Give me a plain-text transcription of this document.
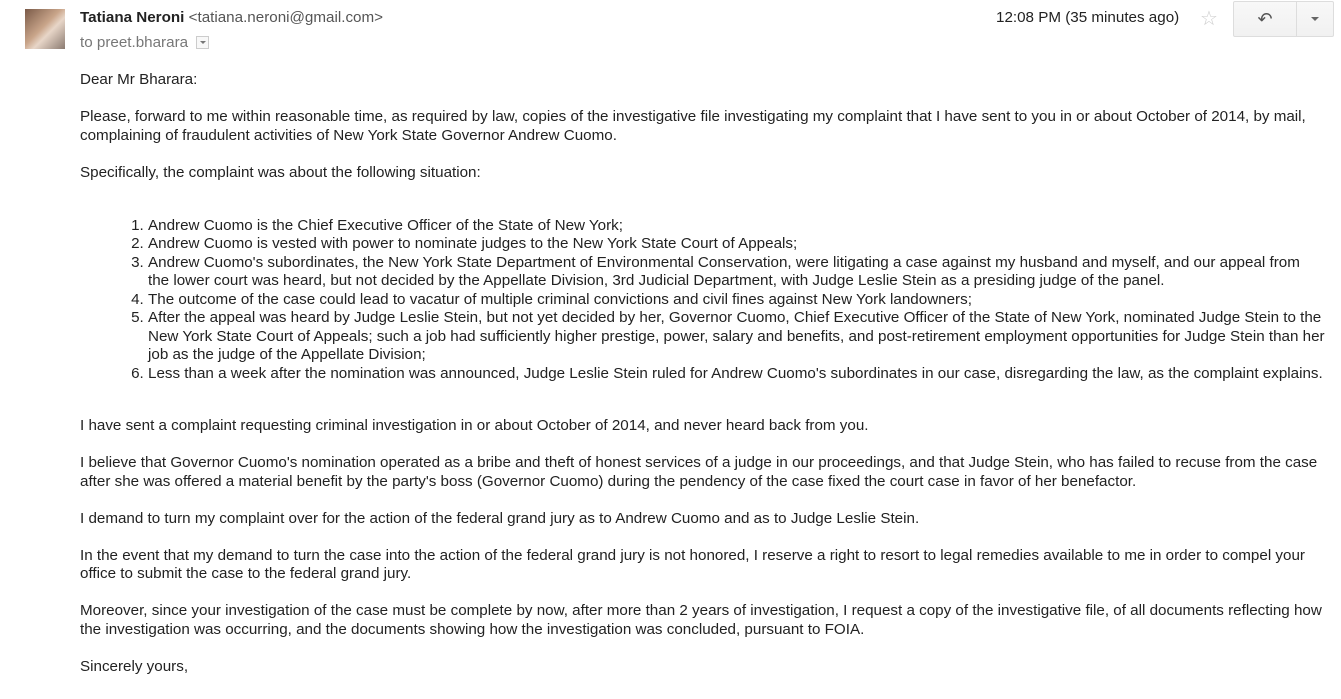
Tatiana Neroni <tatiana.neroni@gmail.com>
to preet.bharara
12:08 PM (35 minutes ago) ☆ ↶

Dear Mr Bharara:

Please, forward to me within reasonable time, as required by law, copies of the investigative file investigating my complaint that I have sent to you in or about October of 2014, by mail, complaining of fraudulent activities of New York State Governor Andrew Cuomo.

Specifically, the complaint was about the following situation:

1. Andrew Cuomo is the Chief Executive Officer of the State of New York;
2. Andrew Cuomo is vested with power to nominate judges to the New York State Court of Appeals;
3. Andrew Cuomo's subordinates, the New York State Department of Environmental Conservation, were litigating a case against my husband and myself, and our appeal from the lower court was heard, but not decided by the Appellate Division, 3rd Judicial Department, with Judge Leslie Stein as a presiding judge of the panel.
4. The outcome of the case could lead to vacatur of multiple criminal convictions and civil fines against New York landowners;
5. After the appeal was heard by Judge Leslie Stein, but not yet decided by her, Governor Cuomo, Chief Executive Officer of the State of New York, nominated Judge Stein to the New York State Court of Appeals; such a job had sufficiently higher prestige, power, salary and benefits, and post-retirement employment opportunities for Judge Stein than her job as the judge of the Appellate Division;
6. Less than a week after the nomination was announced, Judge Leslie Stein ruled for Andrew Cuomo's subordinates in our case, disregarding the law, as the complaint explains.

I have sent a complaint requesting criminal investigation in or about October of 2014, and never heard back from you.

I believe that Governor Cuomo's nomination operated as a bribe and theft of honest services of a judge in our proceedings, and that Judge Stein, who has failed to recuse from the case after she was offered a material benefit by the party's boss (Governor Cuomo) during the pendency of the case fixed the court case in favor of her benefactor.

I demand to turn my complaint over for the action of the federal grand jury as to Andrew Cuomo and as to Judge Leslie Stein.

In the event that my demand to turn the case into the action of the federal grand jury is not honored, I reserve a right to resort to legal remedies available to me in order to compel your office to submit the case to the federal grand jury.

Moreover, since your investigation of the case must be complete by now, after more than 2 years of investigation, I request a copy of the investigative file, of all documents reflecting how the investigation was occurring, and the documents showing how the investigation was concluded, pursuant to FOIA.

Sincerely yours,
